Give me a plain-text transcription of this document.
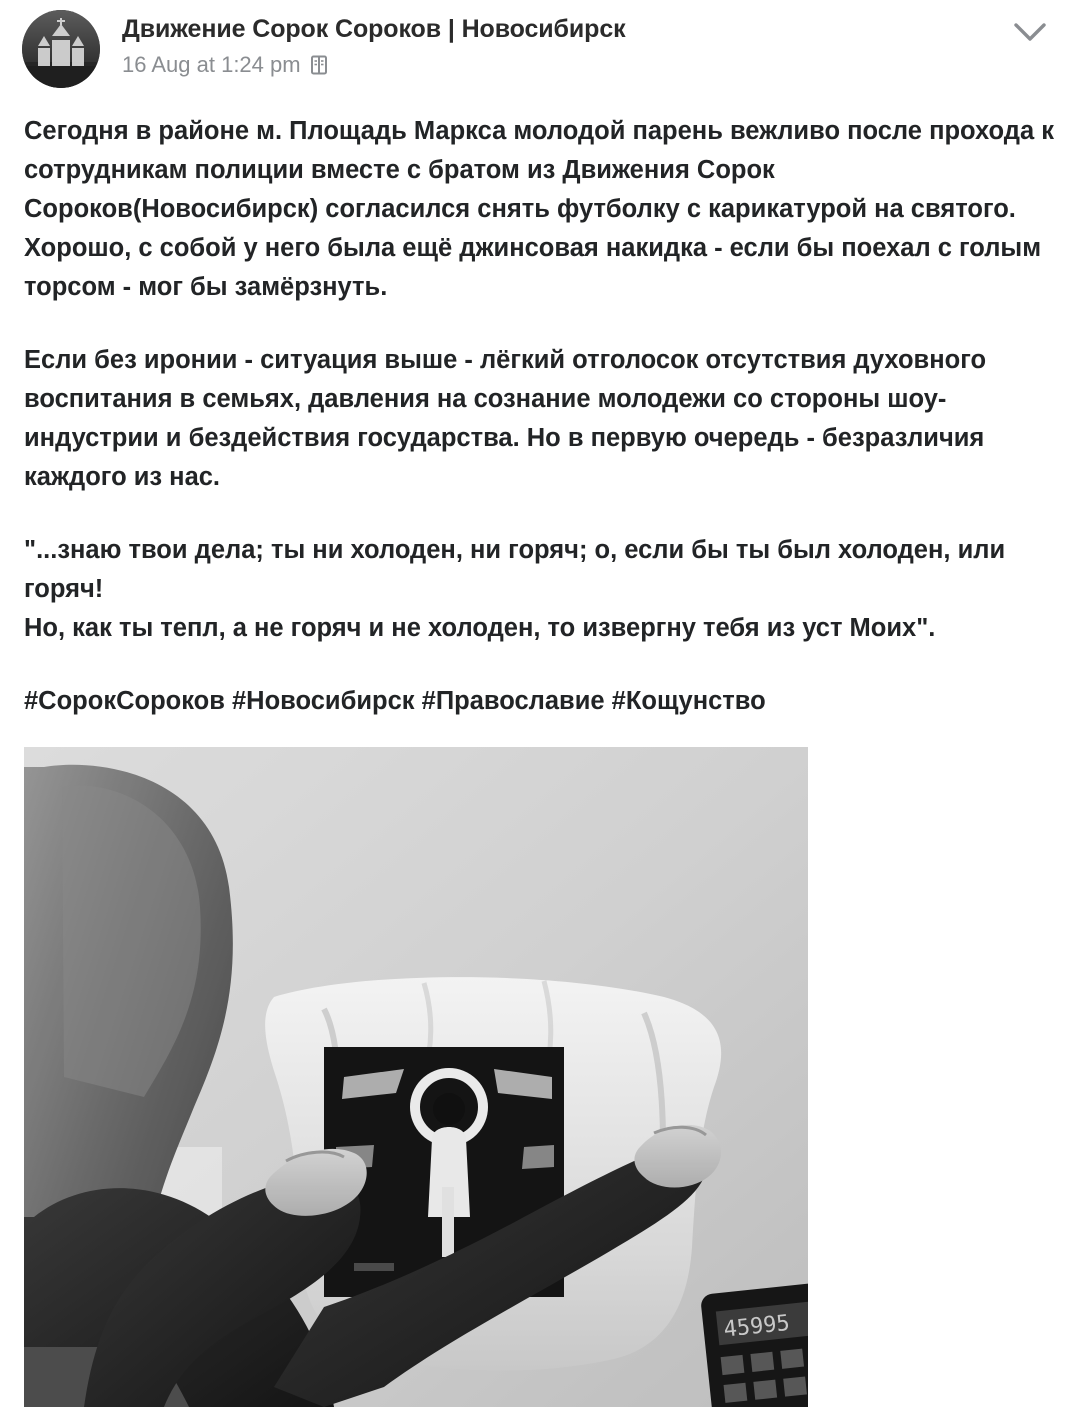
Движение Сорок Сороков | Новосибирск
16 Aug at 1:24 pm

Сегодня в районе м. Площадь Маркса молодой парень вежливо после прохода к сотрудникам полиции вместе с братом из Движения Сорок Сороков(Новосибирск) согласился снять футболку с карикатурой на святого. Хорошо, с собой у него была ещё джинсовая накидка - если бы поехал с голым торсом - мог бы замёрзнуть.

Если без иронии - ситуация выше - лёгкий отголосок отсутствия духовного воспитания в семьях, давления на сознание молодежи со стороны шоу-индустрии и бездействия государства. Но в первую очередь - безразличия каждого из нас.

"...знаю твои дела; ты ни холоден, ни горяч; о, если бы ты был холоден, или горяч!

Но, как ты тепл, а не горяч и не холоден, то извергну тебя из уст Моих".

#СорокСороков #Новосибирск #Православие #Кощунство

45995
